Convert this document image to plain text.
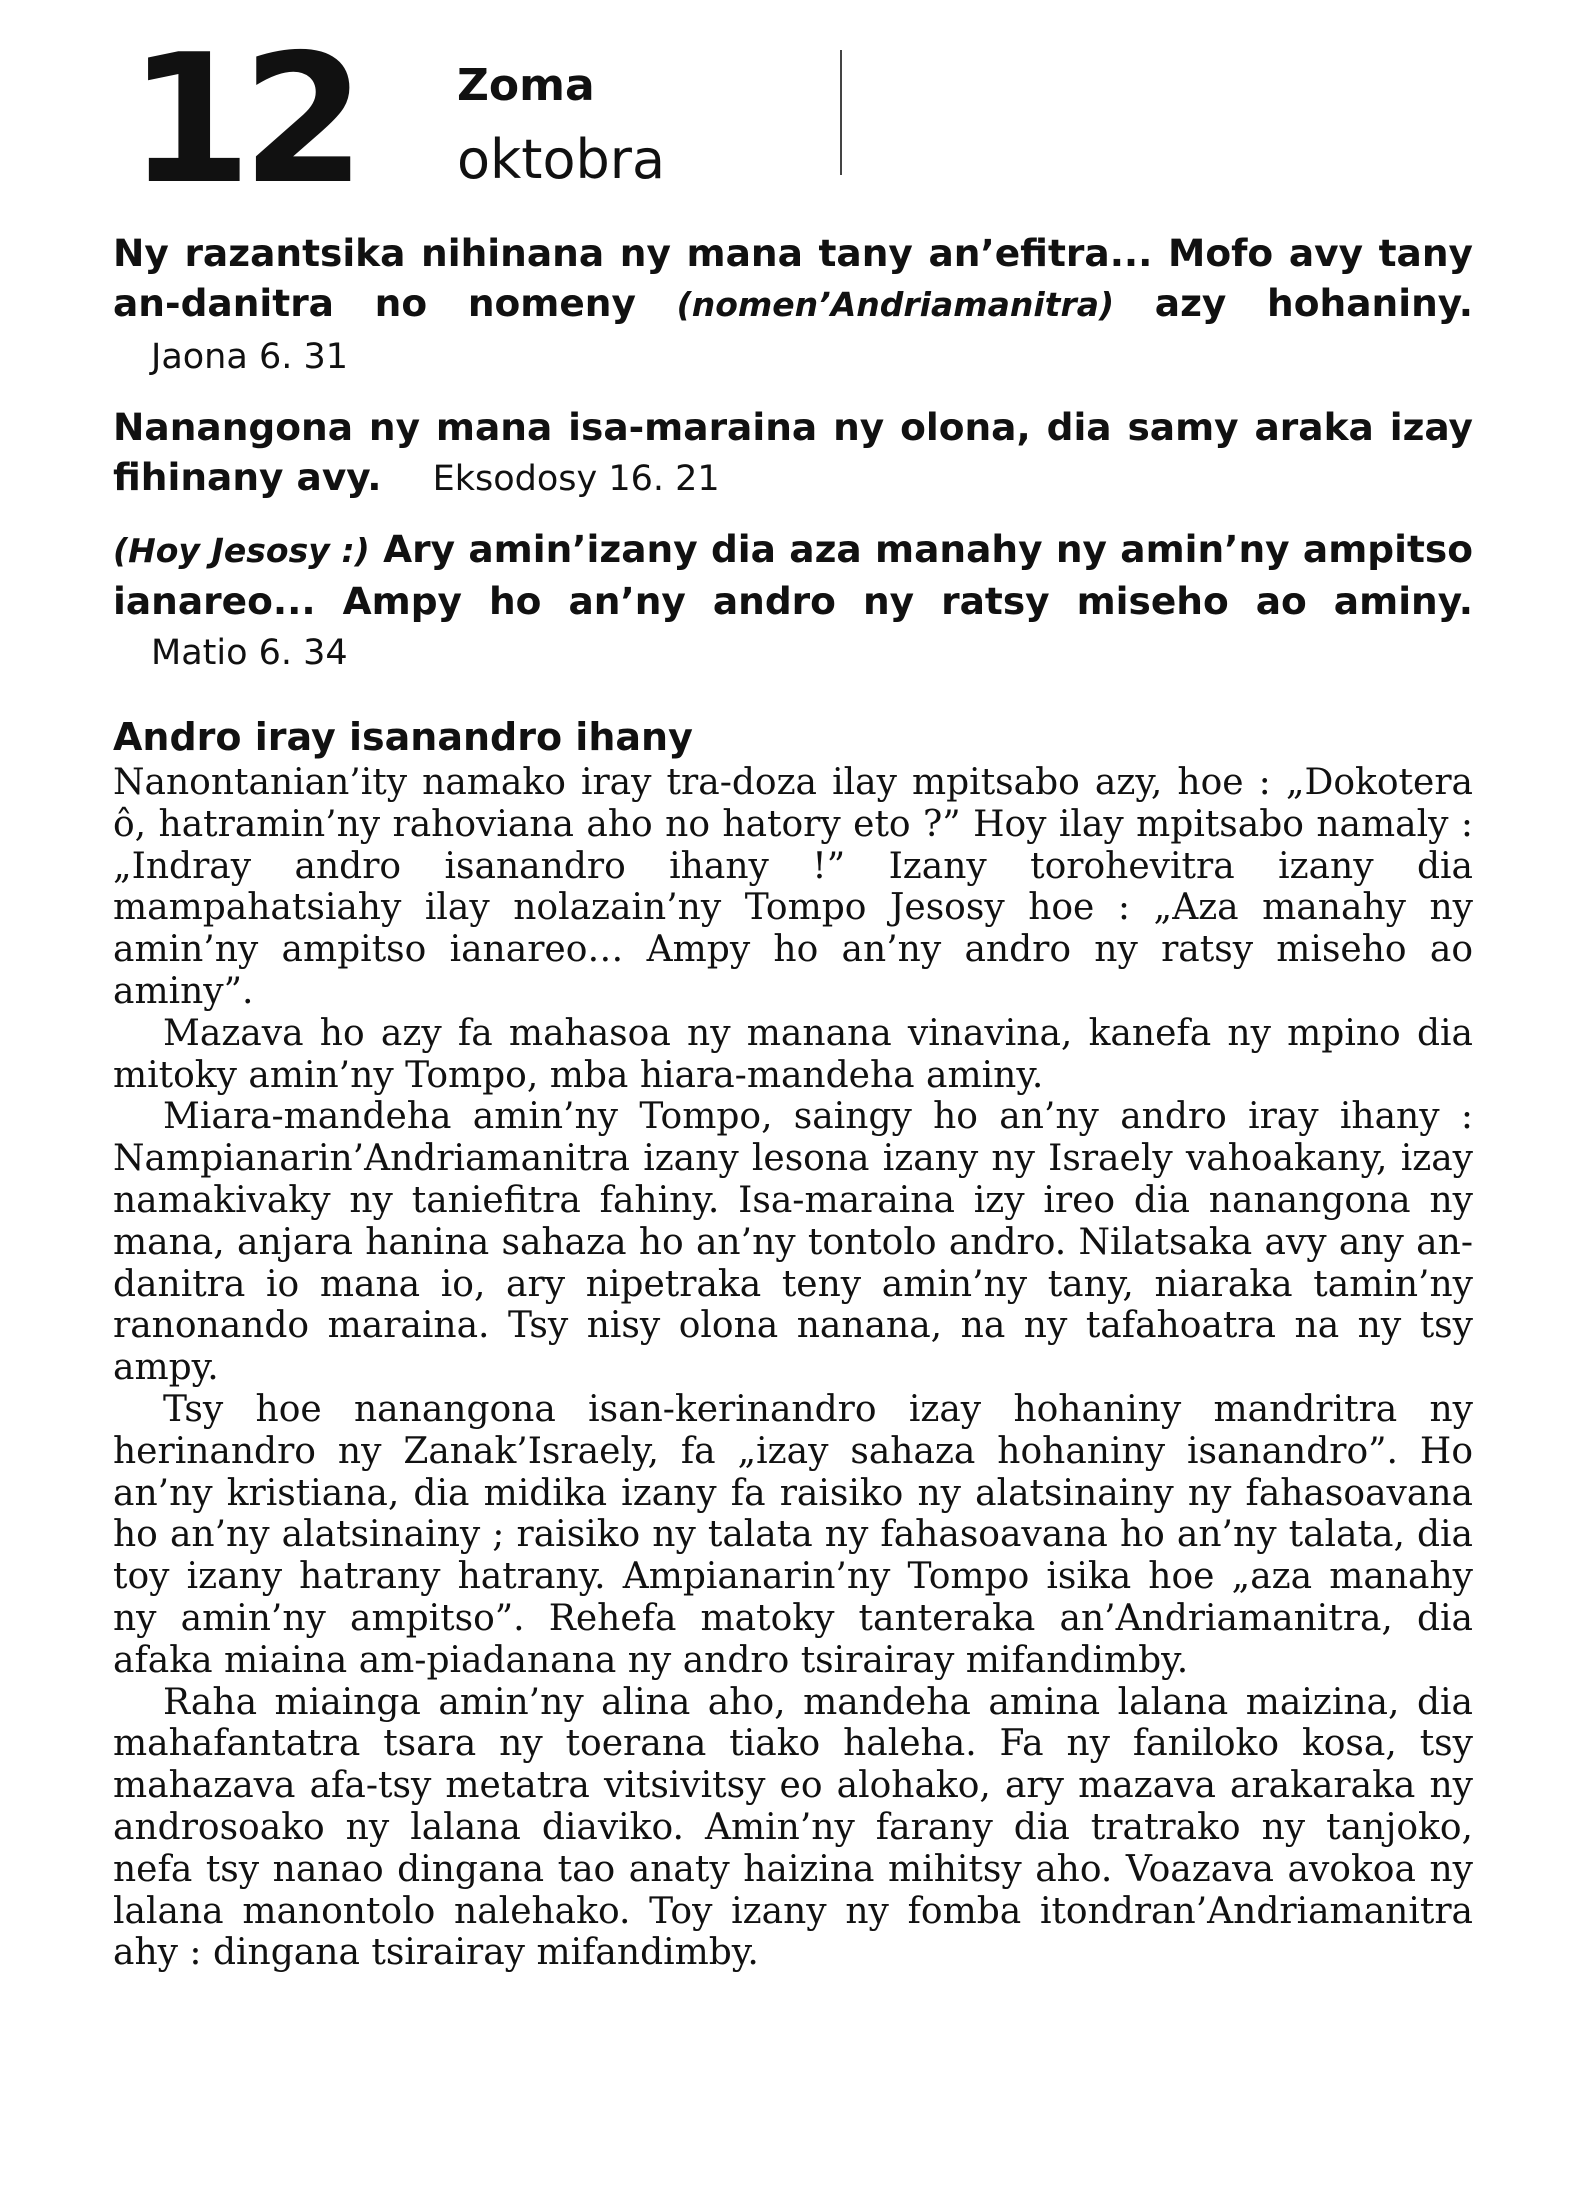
12 Zoma
oktobra

Ny razantsika nihinana ny mana tany an’efitra... Mofo avy tany an-danitra no nomeny (nomen’Andriamanitra) azy hohaniny. Jaona 6. 31

Nanangona ny mana isa-maraina ny olona, dia samy araka izay fihinany avy. Eksodosy 16. 21

(Hoy Jesosy :) Ary amin’izany dia aza manahy ny amin’ny ampitso ianareo... Ampy ho an’ny andro ny ratsy miseho ao aminy. Matio 6. 34

Andro iray isanandro ihany

Nanontanian’ity namako iray tra-doza ilay mpitsabo azy, hoe : „Dokotera ô, hatramin’ny rahoviana aho no hatory eto ?” Hoy ilay mpitsabo namaly : „Indray andro isanandro ihany !” Izany torohevitra izany dia mampahatsiahy ilay nolazain’ny Tompo Jesosy hoe : „Aza manahy ny amin’ny ampitso ianareo… Ampy ho an’ny andro ny ratsy miseho ao aminy”.

Mazava ho azy fa mahasoa ny manana vinavina, kanefa ny mpino dia mitoky amin’ny Tompo, mba hiara-mandeha aminy.

Miara-mandeha amin’ny Tompo, saingy ho an’ny andro iray ihany : Nampianarin’Andriamanitra izany lesona izany ny Israely vahoakany, izay namakivaky ny taniefitra fahiny. Isa-maraina izy ireo dia nanangona ny mana, anjara hanina sahaza ho an’ny tontolo andro. Nilatsaka avy any an-danitra io mana io, ary nipetraka teny amin’ny tany, niaraka tamin’ny ranonando maraina. Tsy nisy olona nanana, na ny tafahoatra na ny tsy ampy.

Tsy hoe nanangona isan-kerinandro izay hohaniny mandritra ny herinandro ny Zanak’Israely, fa „izay sahaza hohaniny isanandro”. Ho an’ny kristiana, dia midika izany fa raisiko ny alatsinainy ny fahasoavana ho an’ny alatsinainy ; raisiko ny talata ny fahasoavana ho an’ny talata, dia toy izany hatrany hatrany. Ampianarin’ny Tompo isika hoe „aza manahy ny amin’ny ampitso”. Rehefa matoky tanteraka an’Andriamanitra, dia afaka miaina am-piadanana ny andro tsirairay mifandimby.

Raha miainga amin’ny alina aho, mandeha amina lalana maizina, dia mahafantatra tsara ny toerana tiako haleha. Fa ny faniloko kosa, tsy mahazava afa-tsy metatra vitsivitsy eo alohako, ary mazava arakaraka ny androsoako ny lalana diaviko. Amin’ny farany dia tratrako ny tanjoko, nefa tsy nanao dingana tao anaty haizina mihitsy aho. Voazava avokoa ny lalana manontolo nalehako. Toy izany ny fomba itondran’Andriamanitra ahy : dingana tsirairay mifandimby.
